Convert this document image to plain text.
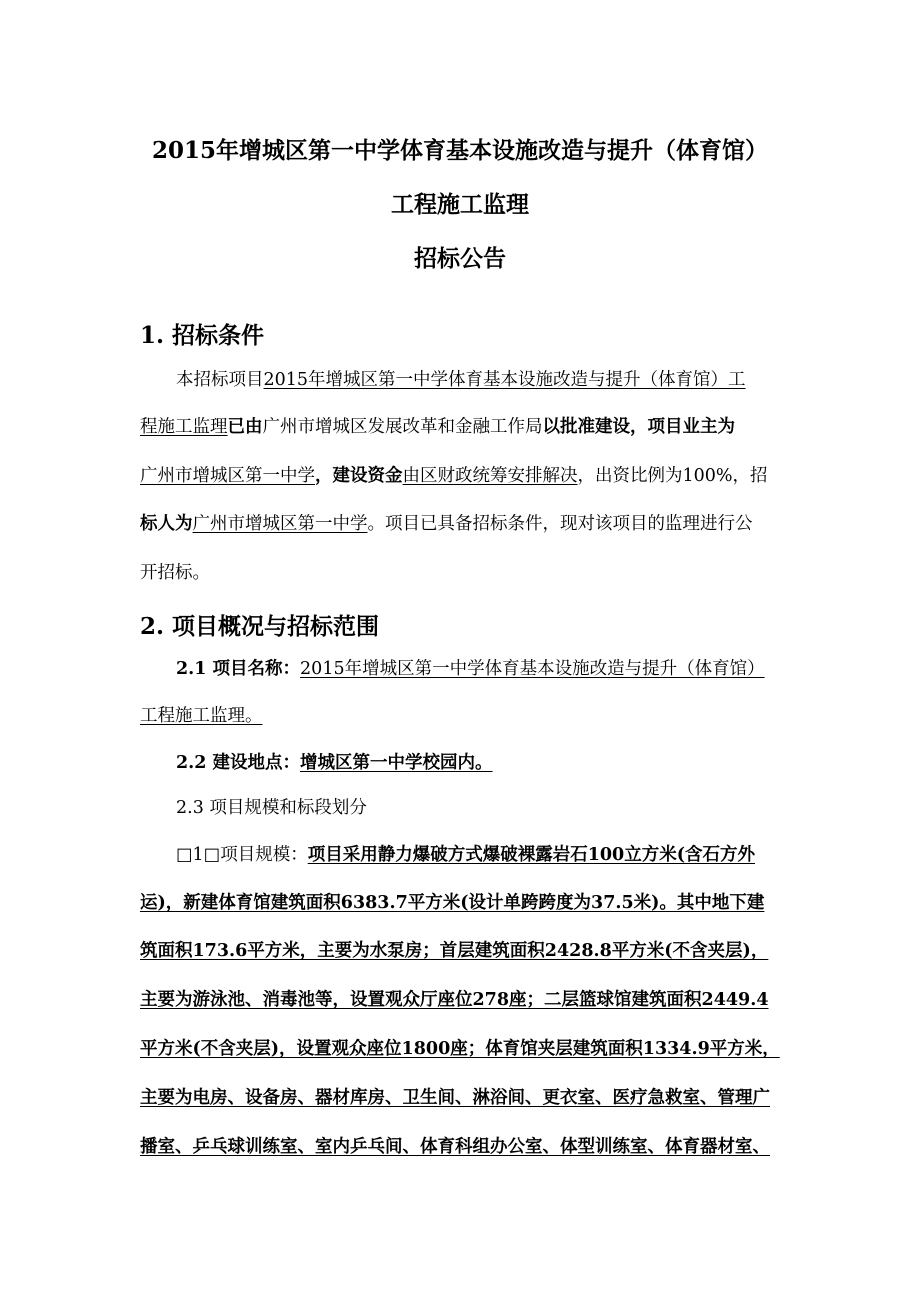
2015年增城区第一中学体育基本设施改造与提升（体育馆）
工程施工监理
招标公告
1. 招标条件
本招标项目2015年增城区第一中学体育基本设施改造与提升（体育馆）工
程施工监理已由广州市增城区发展改革和金融工作局以批准建设，项目业主为
广州市增城区第一中学，建设资金由区财政统筹安排解决，出资比例为100%，招
标人为广州市增城区第一中学。项目已具备招标条件，现对该项目的监理进行公
开招标。
2. 项目概况与招标范围
2.1 项目名称：2015年增城区第一中学体育基本设施改造与提升（体育馆）
工程施工监理。
2.2 建设地点：增城区第一中学校园内。
2.3 项目规模和标段划分
□1□项目规模：项目采用静力爆破方式爆破裸露岩石100立方米(含石方外
运)，新建体育馆建筑面积6383.7平方米(设计单跨跨度为37.5米)。其中地下建
筑面积173.6平方米，主要为水泵房；首层建筑面积2428.8平方米(不含夹层)，
主要为游泳池、消毒池等，设置观众厅座位278座；二层篮球馆建筑面积2449.4
平方米(不含夹层)，设置观众座位1800座；体育馆夹层建筑面积1334.9平方米，
主要为电房、设备房、器材库房、卫生间、淋浴间、更衣室、医疗急救室、管理广
播室、乒乓球训练室、室内乒乓间、体育科组办公室、体型训练室、体育器材室、
